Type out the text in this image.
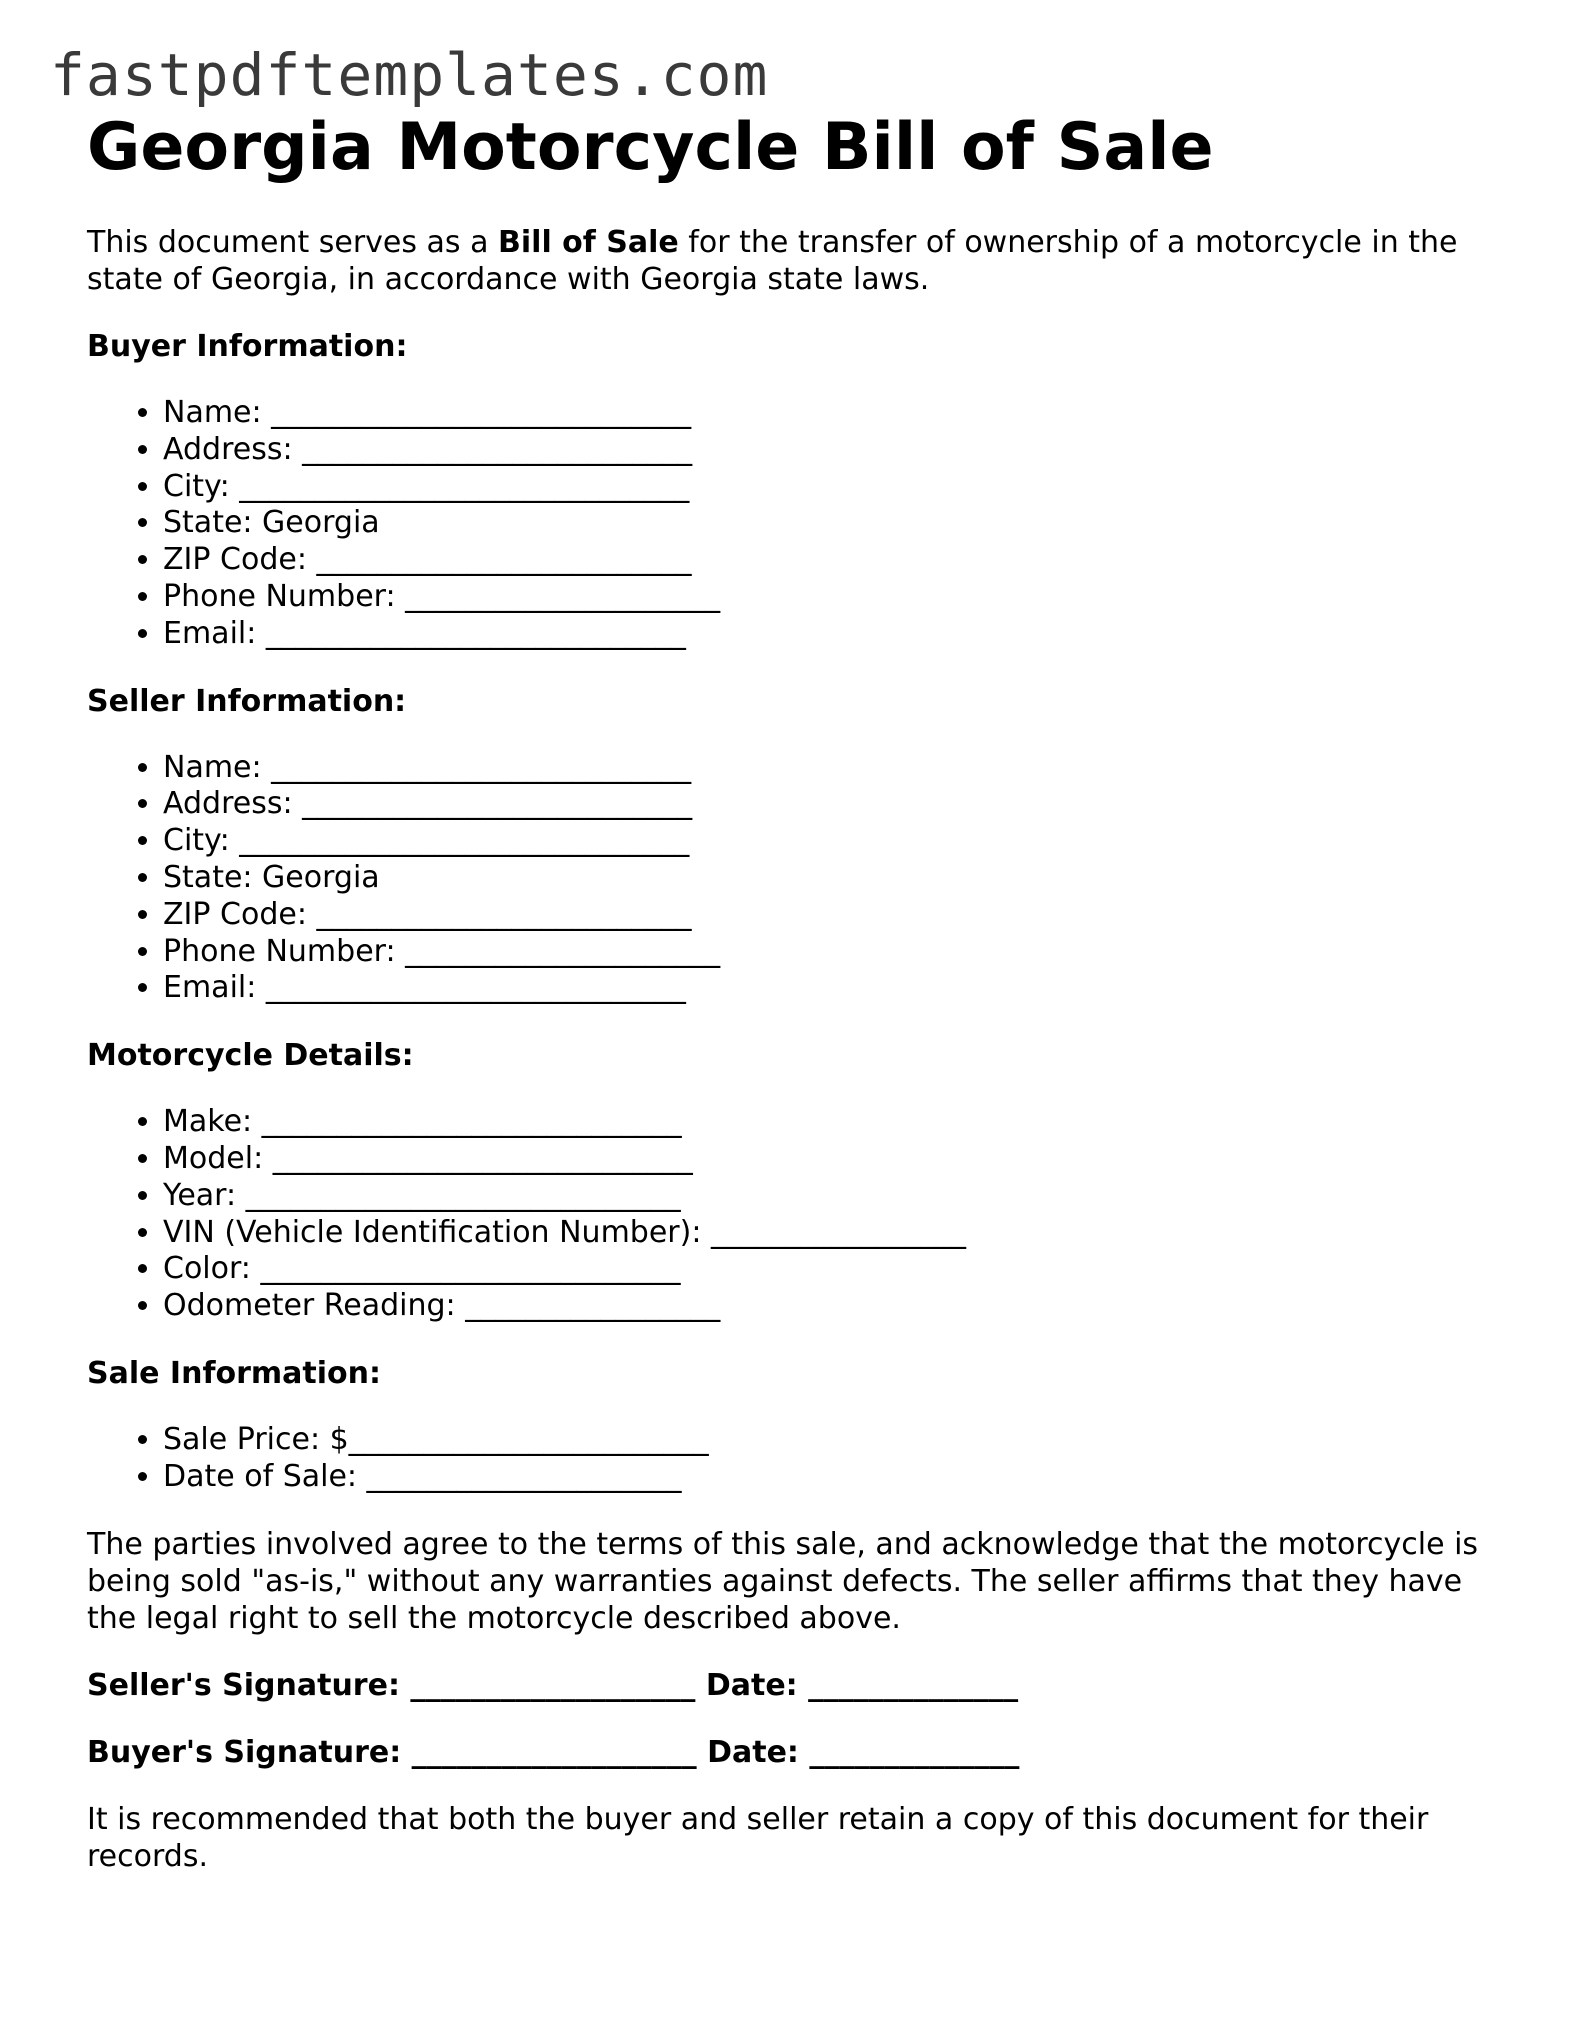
fastpdftemplates.com
Georgia Motorcycle Bill of Sale

This document serves as a Bill of Sale for the transfer of ownership of a motorcycle in the state of Georgia, in accordance with Georgia state laws.

Buyer Information:
• Name: ____________________________
• Address: __________________________
• City: ______________________________
• State: Georgia
• ZIP Code: _________________________
• Phone Number: _____________________
• Email: ____________________________
Seller Information:
• Name: ____________________________
• Address: __________________________
• City: ______________________________
• State: Georgia
• ZIP Code: _________________________
• Phone Number: _____________________
• Email: ____________________________
Motorcycle Details:
• Make: ____________________________
• Model: ____________________________
• Year: _____________________________
• VIN (Vehicle Identification Number): _________________
• Color: ____________________________
• Odometer Reading: _________________
Sale Information:
• Sale Price: $________________________
• Date of Sale: _____________________

The parties involved agree to the terms of this sale, and acknowledge that the motorcycle is being sold "as-is," without any warranties against defects. The seller affirms that they have the legal right to sell the motorcycle described above.

Seller's Signature: ___________________ Date: ______________
Buyer's Signature: ___________________ Date: ______________

It is recommended that both the buyer and seller retain a copy of this document for their records.
